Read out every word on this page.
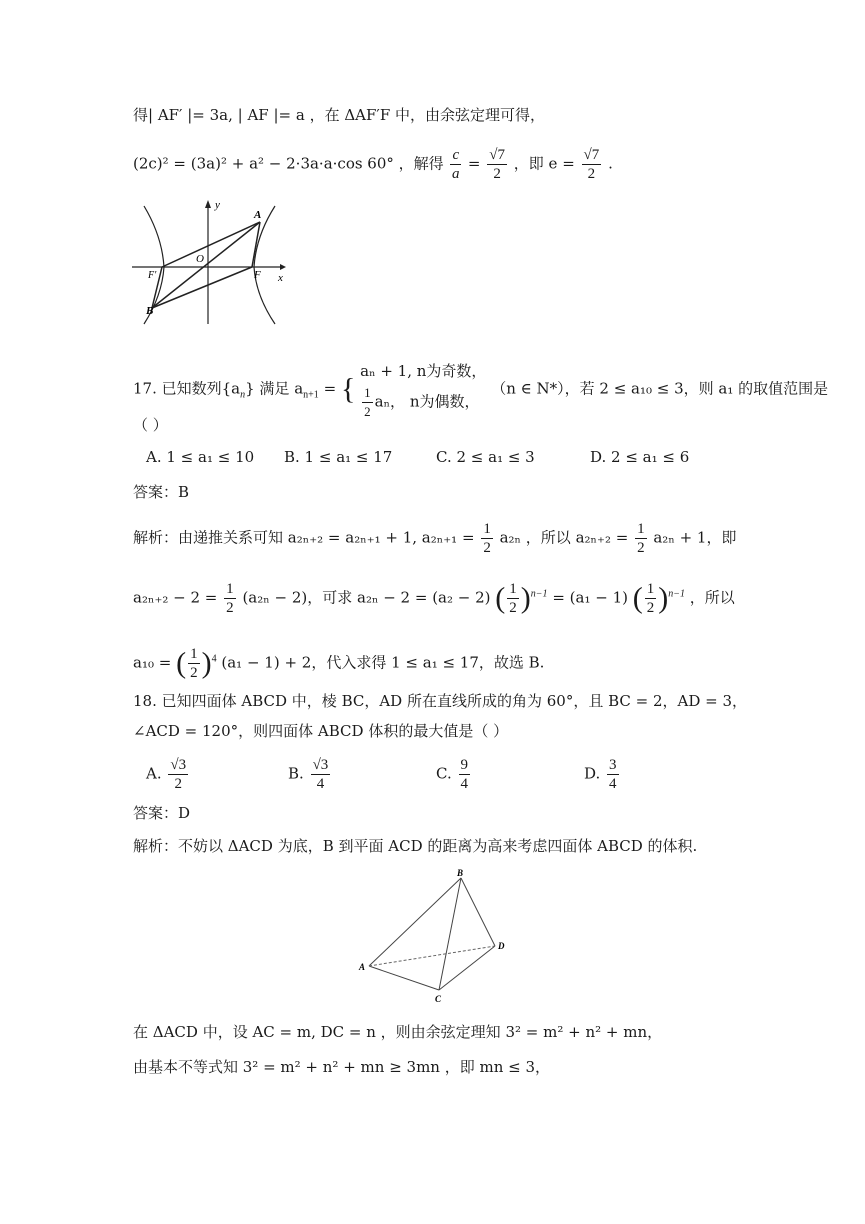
得| AF′ |= 3a, | AF |= a ，在 ΔAF′F 中，由余弦定理可得，
(2c)² = (3a)² + a² − 2·3a·a·cos 60° ，解得 $\frac{c}{a} = \frac{√7}{2}$ ，即 $e = \frac{√7}{2}$ .
y
A
O
F′	F x
B
17. 已知数列$\{a_n\}$ 满足 $a_{n+1}$ = {
aₙ + 1, n为奇数，
$\frac{1}{2}$ aₙ， n为偶数，
（n ∈ N*），若 2 ≤ a₁₀ ≤ 3，则 a₁ 的取值范围是
（ ）
A. 1 ≤ a₁ ≤ 10 B. 1 ≤ a₁ ≤ 17	C. 2 ≤ a₁ ≤ 3	D. 2 ≤ a₁ ≤ 6
答案：B
解析：由递推关系可知 a₂ₙ₊₂ = a₂ₙ₊₁ + 1, $a_{2n+1} = \frac{1}{2} a_{2n}$ ，所以 $a_{2n+2} = \frac{1}{2} a_{2n} + 1$，即
$a_{2n+2} - 2 = \frac{1}{2} (a_{2n} - 2)$，可求 a₂ₙ − 2 = (a₂ − 2) ( $\frac{1}{2} )^{n-1} = (a_1 - 1)$ ( $\frac{1}{2} )^{n-1}$ ，所以
a₁₀ = ( $\frac{1}{2} )^4$ (a₁ − 1) + 2，代入求得 1 ≤ a₁ ≤ 17，故选 B.
18. 已知四面体 ABCD 中，棱 BC，AD 所在直线所成的角为 60°，且 BC = 2，AD = 3，
∠ACD = 120°，则四面体 ABCD 体积的最大值是（ ）
A. $\frac{√3}{2}$	B. $\frac{√3}{4}$	C. $\frac{9}{4}$	D. $\frac{3}{4}$
答案：D
解析：不妨以 ΔACD 为底，B 到平面 ACD 的距离为高来考虑四面体 ABCD 的体积.
B
D
A
C
在 ΔACD 中，设 AC = m, DC = n ，则由余弦定理知 3² = m² + n² + mn，
由基本不等式知 3² = m² + n² + mn ≥ 3mn ，即 mn ≤ 3，
